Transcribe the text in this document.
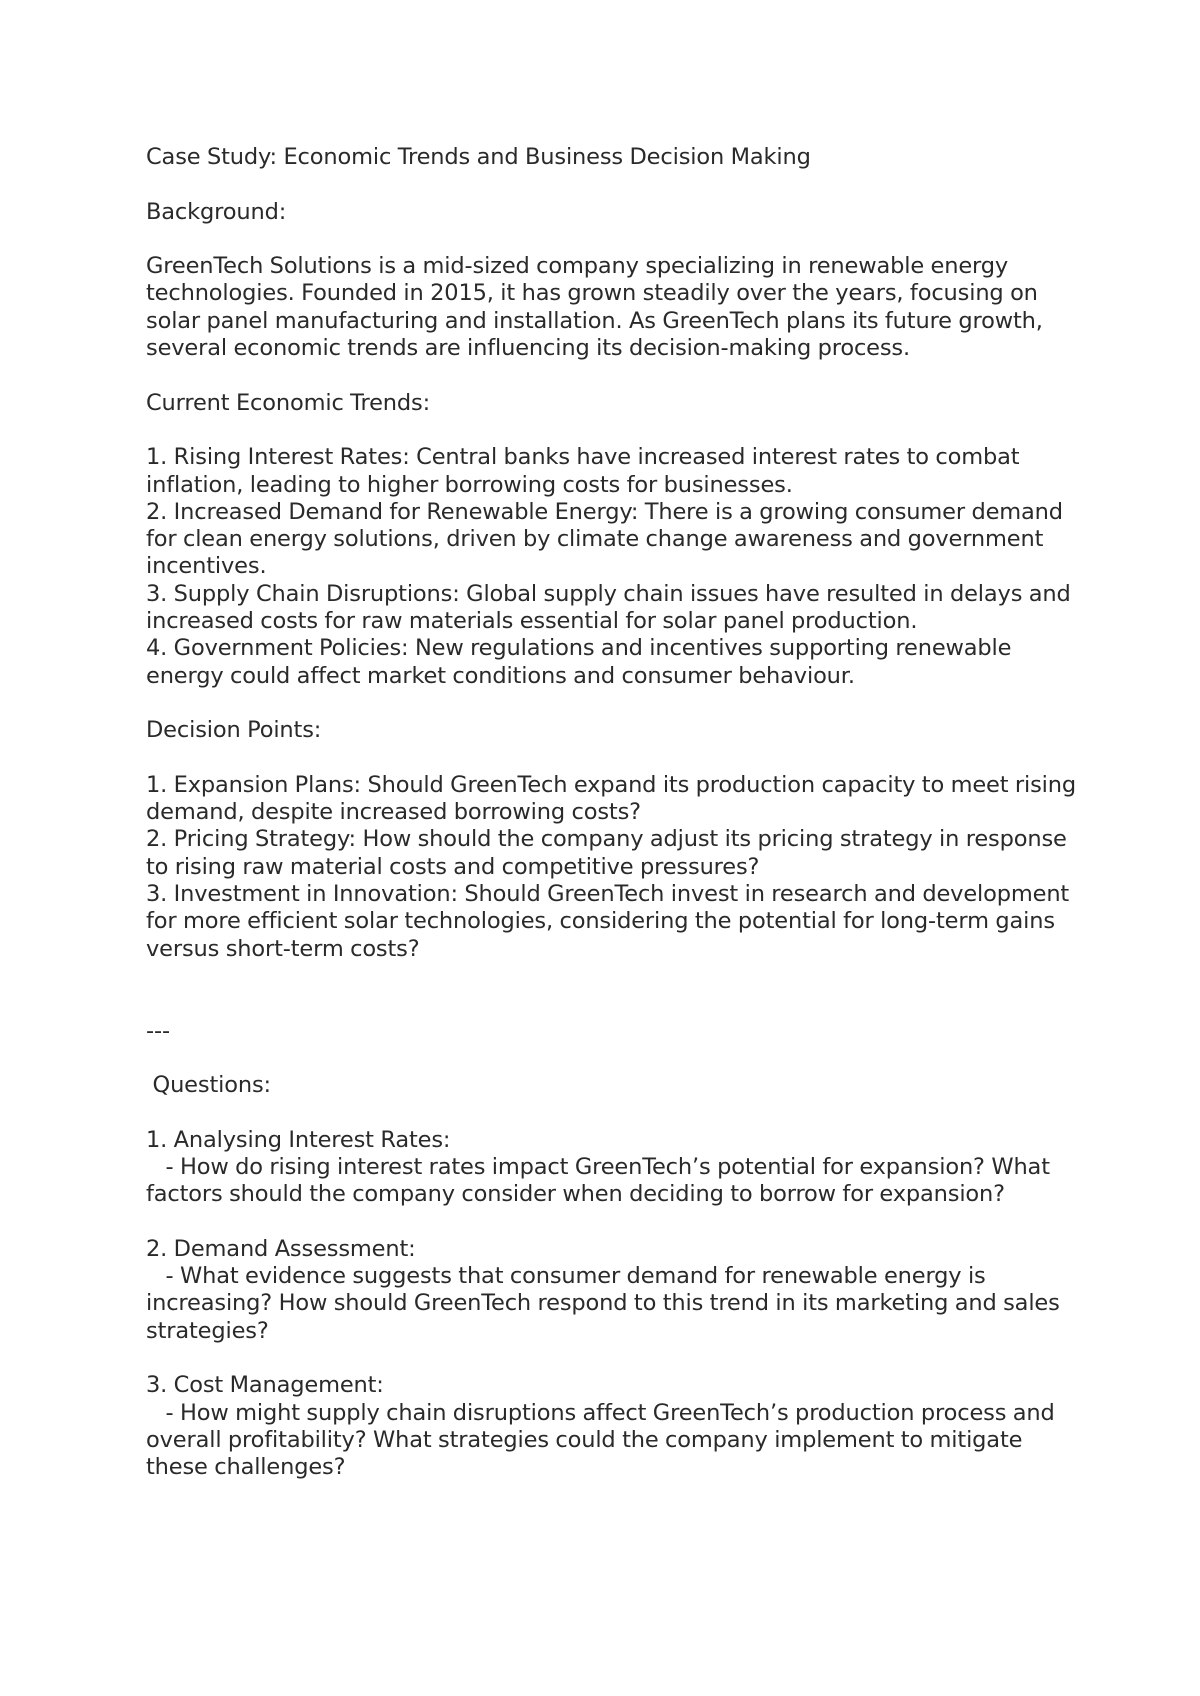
Case Study: Economic Trends and Business Decision Making

Background:

GreenTech Solutions is a mid-sized company specializing in renewable energy technologies. Founded in 2015, it has grown steadily over the years, focusing on solar panel manufacturing and installation. As GreenTech plans its future growth, several economic trends are influencing its decision-making process.

Current Economic Trends:

1. Rising Interest Rates: Central banks have increased interest rates to combat inflation, leading to higher borrowing costs for businesses.
2. Increased Demand for Renewable Energy: There is a growing consumer demand for clean energy solutions, driven by climate change awareness and government incentives.
3. Supply Chain Disruptions: Global supply chain issues have resulted in delays and increased costs for raw materials essential for solar panel production.
4. Government Policies: New regulations and incentives supporting renewable energy could affect market conditions and consumer behaviour.

Decision Points:

1. Expansion Plans: Should GreenTech expand its production capacity to meet rising demand, despite increased borrowing costs?
2. Pricing Strategy: How should the company adjust its pricing strategy in response to rising raw material costs and competitive pressures?
3. Investment in Innovation: Should GreenTech invest in research and development for more efficient solar technologies, considering the potential for long-term gains versus short-term costs?

---

Questions:

1. Analysing Interest Rates:
- How do rising interest rates impact GreenTech’s potential for expansion? What factors should the company consider when deciding to borrow for expansion?
2. Demand Assessment:
- What evidence suggests that consumer demand for renewable energy is increasing? How should GreenTech respond to this trend in its marketing and sales strategies?
3. Cost Management:
- How might supply chain disruptions affect GreenTech’s production process and overall profitability? What strategies could the company implement to mitigate these challenges?
